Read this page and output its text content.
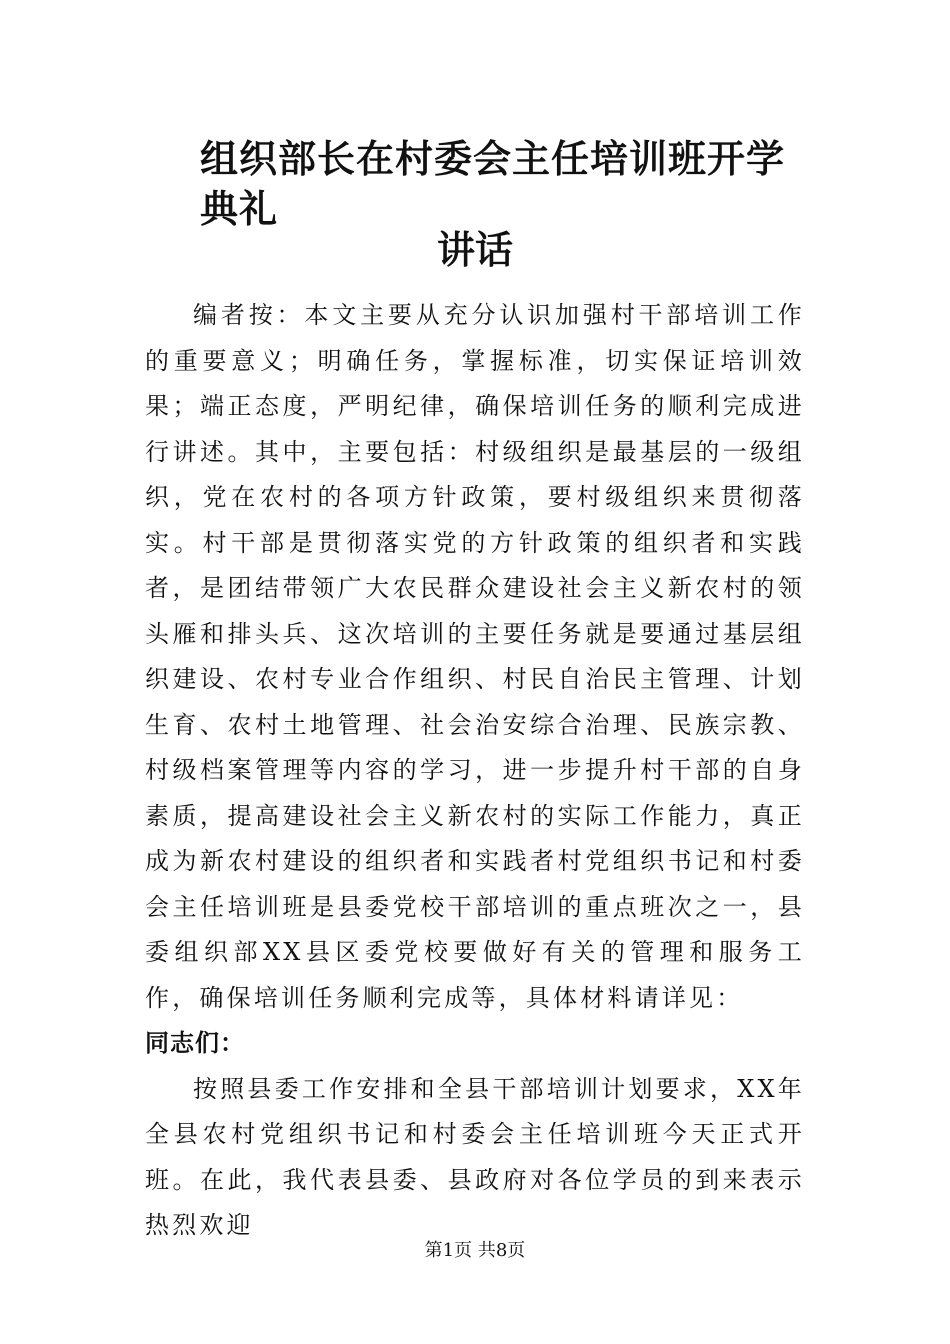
组织部长在村委会主任培训班开学典礼
讲话

编者按：本文主要从充分认识加强村干部培训工作的重要意义；明确任务，掌握标准，切实保证培训效果；端正态度，严明纪律，确保培训任务的顺利完成进行讲述。其中，主要包括：村级组织是最基层的一级组织，党在农村的各项方针政策，要村级组织来贯彻落实。村干部是贯彻落实党的方针政策的组织者和实践者，是团结带领广大农民群众建设社会主义新农村的领头雁和排头兵、这次培训的主要任务就是要通过基层组织建设、农村专业合作组织、村民自治民主管理、计划生育、农村土地管理、社会治安综合治理、民族宗教、村级档案管理等内容的学习，进一步提升村干部的自身素质，提高建设社会主义新农村的实际工作能力，真正成为新农村建设的组织者和实践者村党组织书记和村委会主任培训班是县委党校干部培训的重点班次之一，县委组织部XX县区委党校要做好有关的管理和服务工作，确保培训任务顺利完成等，具体材料请详见：

同志们：

按照县委工作安排和全县干部培训计划要求，XX年全县农村党组织书记和村委会主任培训班今天正式开班。在此，我代表县委、县政府对各位学员的到来表示热烈欢迎

第1页 共8页
